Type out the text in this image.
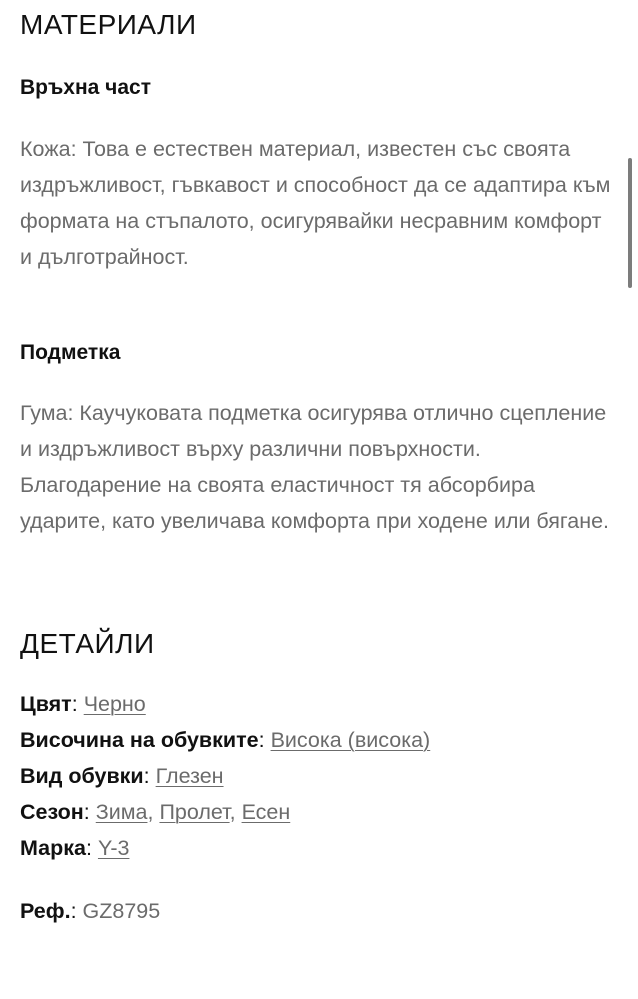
МАТЕРИАЛИ
Връхна част

Кожа: Това е естествен материал, известен със своята издръжливост, гъвкавост и способност да се адаптира към формата на стъпалото, осигурявайки несравним комфорт и дълготрайност.

Подметка

Гума: Каучуковата подметка осигурява отлично сцепление и издръжливост върху различни повърхности. Благодарение на своята еластичност тя абсорбира ударите, като увеличава комфорта при ходене или бягане.

ДЕТАЙЛИ
Цвят: Черно
Височина на обувките: Висока (висока)
Вид обувки: Глезен
Сезон: Зима, Пролет, Есен
Марка: Y-3
Реф.: GZ8795
